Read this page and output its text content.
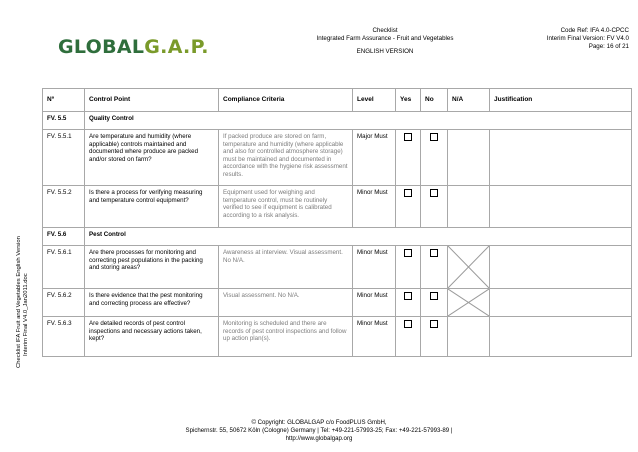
GLOBALG.A.P.
Checklist
Integrated Farm Assurance - Fruit and Vegetables
ENGLISH VERSION
Code Ref: IFA 4.0-CPCC
Interim Final Version: FV V4.0
Page: 16 of 21
Checklist IFA Fruit and Vegetables English Version Interim Final V4.0_Jan2011.doc
Nº	Control Point	Compliance Criteria	Level	Yes	No	N/A	Justification
FV. 5.5	Quality Control						
FV. 5.5.1	Are temperature and humidity (where applicable) controls maintained and documented where produce are packed and/or stored on farm?	If packed produce are stored on farm, temperature and humidity (where applicable and also for controlled atmosphere storage) must be maintained and documented in accordance with the hygiene risk assessment results.	Major Must				
FV. 5.5.2	Is there a process for verifying measuring and temperature control equipment?	Equipment used for weighing and temperature control, must be routinely verified to see if equipment is calibrated according to a risk analysis.	Minor Must				
FV. 5.6	Pest Control						
FV. 5.6.1	Are there processes for monitoring and correcting pest populations in the packing and storing areas?	Awareness at interview. Visual assessment. No N/A.	Minor Must			

FV. 5.6.2	Is there evidence that the pest monitoring and correcting process are effective?	Visual assessment. No N/A.	Minor Must			

FV. 5.6.3	Are detailed records of pest control inspections and necessary actions taken, kept?	Monitoring is scheduled and there are records of pest control inspections and follow up action plan(s).	Minor Must				
© Copyright: GLOBALGAP c/o FoodPLUS GmbH,
Spichernstr. 55, 50672 Köln (Cologne) Germany | Tel: +49-221-57993-25; Fax: +49-221-57993-89 |
http://www.globalgap.org
